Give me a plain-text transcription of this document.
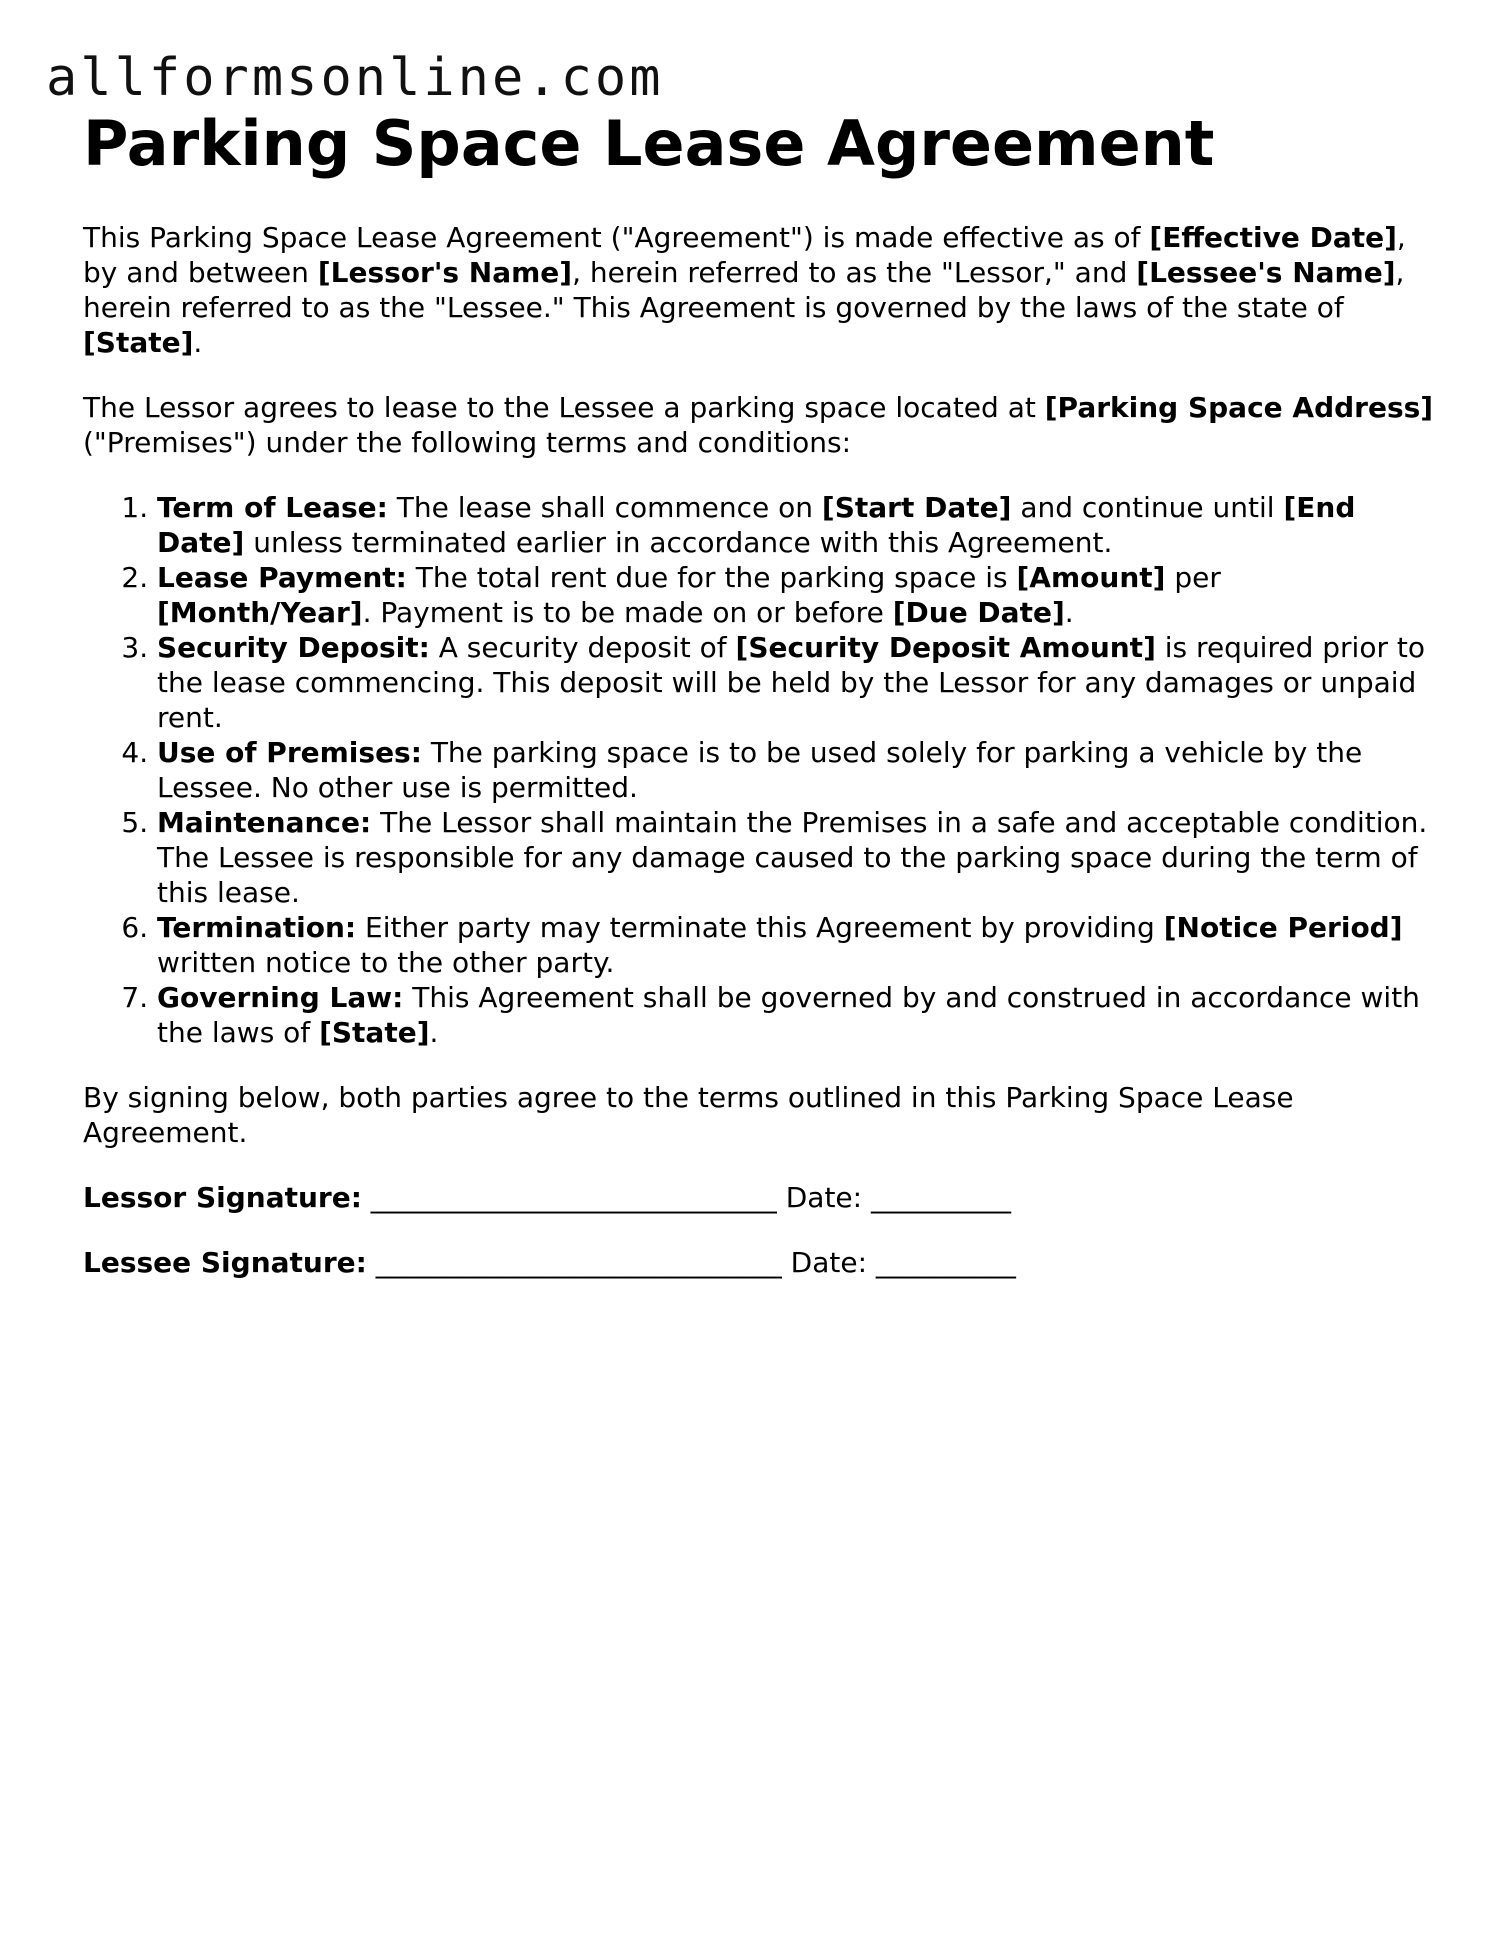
allformsonline.com
Parking Space Lease Agreement

This Parking Space Lease Agreement ("Agreement") is made effective as of [Effective Date], by and between [Lessor's Name], herein referred to as the "Lessor," and [Lessee's Name], herein referred to as the "Lessee." This Agreement is governed by the laws of the state of [State].

The Lessor agrees to lease to the Lessee a parking space located at [Parking Space Address] ("Premises") under the following terms and conditions:

1. Term of Lease: The lease shall commence on [Start Date] and continue until [End Date] unless terminated earlier in accordance with this Agreement.
2. Lease Payment: The total rent due for the parking space is [Amount] per [Month/Year]. Payment is to be made on or before [Due Date].
3. Security Deposit: A security deposit of [Security Deposit Amount] is required prior to the lease commencing. This deposit will be held by the Lessor for any damages or unpaid rent.
4. Use of Premises: The parking space is to be used solely for parking a vehicle by the Lessee. No other use is permitted.
5. Maintenance: The Lessor shall maintain the Premises in a safe and acceptable condition. The Lessee is responsible for any damage caused to the parking space during the term of this lease.
6. Termination: Either party may terminate this Agreement by providing [Notice Period] written notice to the other party.
7. Governing Law: This Agreement shall be governed by and construed in accordance with the laws of [State].

By signing below, both parties agree to the terms outlined in this Parking Space Lease Agreement.

Lessor Signature: _____________________________ Date: __________

Lessee Signature: _____________________________ Date: __________
